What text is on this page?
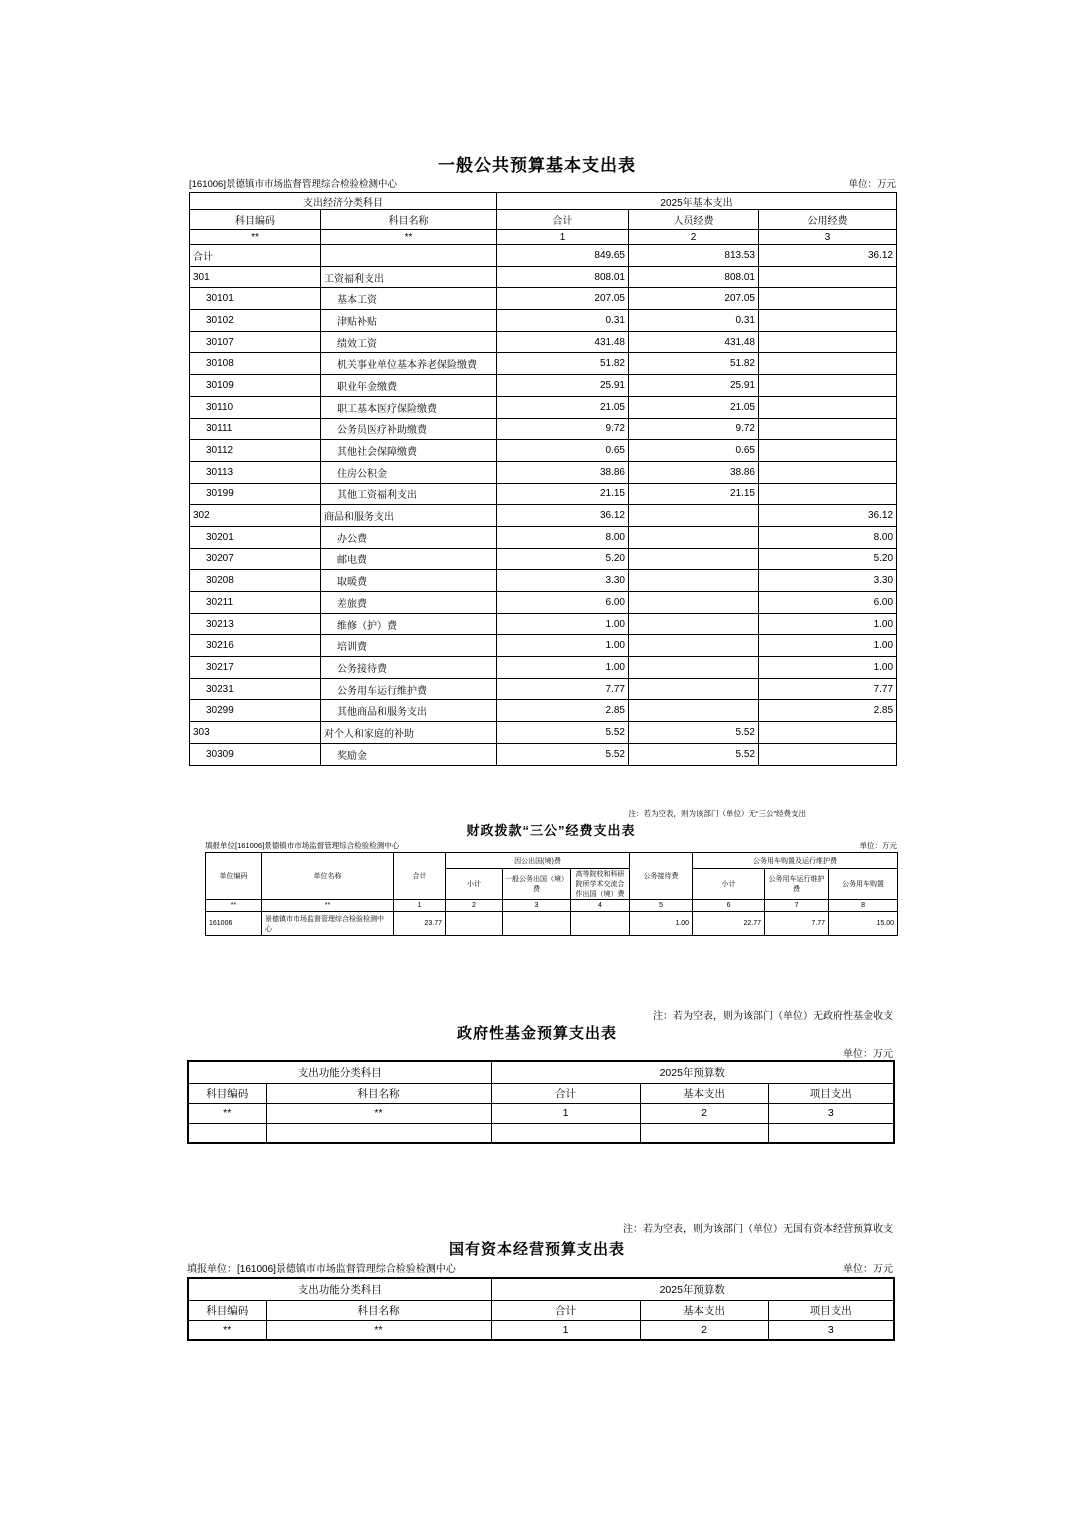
一般公共预算基本支出表
[161006]景德镇市市场监督管理综合检验检测中心	单位：万元
支出经济分类科目		2025年基本支出		
科目编码	科目名称	合计	人员经费	公用经费
**	**	1	2	3
合计		849.65	813.53	36.12
301	工资福利支出	808.01	808.01	
30101	基本工资	207.05	207.05	
30102	津贴补贴	0.31	0.31	
30107	绩效工资	431.48	431.48	
30108	机关事业单位基本养老保险缴费	51.82	51.82	
30109	职业年金缴费	25.91	25.91	
30110	职工基本医疗保险缴费	21.05	21.05	
30111	公务员医疗补助缴费	9.72	9.72	
30112	其他社会保障缴费	0.65	0.65	
30113	住房公积金	38.86	38.86	
30199	其他工资福利支出	21.15	21.15	
302	商品和服务支出	36.12		36.12
30201	办公费	8.00		8.00
30207	邮电费	5.20		5.20
30208	取暖费	3.30		3.30
30211	差旅费	6.00		6.00
30213	维修（护）费	1.00		1.00
30216	培训费	1.00		1.00
30217	公务接待费	1.00		1.00
30231	公务用车运行维护费	7.77		7.77
30299	其他商品和服务支出	2.85		2.85
303	对个人和家庭的补助	5.52	5.52	
30309	奖励金	5.52	5.52	
注：若为空表，则为该部门（单位）无“三公”经费支出
财政拨款“三公”经费支出表
填报单位[161006]景德镇市市场监督管理综合检验检测中心	单位：万元
单位编码	单位名称	合计	因公出国(境)费			公务接待费	公务用车购置及运行维护费		
			小计	一般公务出国（境）费	高等院校和科研院所学术交流合作出国（境）费		小计	公务用车运行维护费	公务用车购置
**	**	1	2	3	4	5	6	7	8
161006	景德镇市市场监督管理综合检验检测中心	23.77				1.00	22.77	7.77	15.00
注：若为空表，则为该部门（单位）无政府性基金收支
政府性基金预算支出表
单位：万元
支出功能分类科目		2025年预算数		
科目编码	科目名称	合计	基本支出	项目支出
**	**	1	2	3

注：若为空表，则为该部门（单位）无国有资本经营预算收支
国有资本经营预算支出表
填报单位：[161006]景德镇市市场监督管理综合检验检测中心	单位：万元
支出功能分类科目		2025年预算数		
科目编码	科目名称	合计	基本支出	项目支出
**	**	1	2	3
